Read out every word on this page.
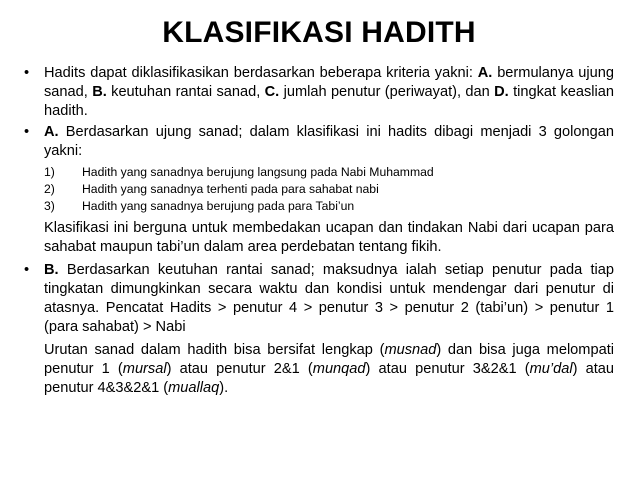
KLASIFIKASI HADITH
•	Hadits dapat diklasifikasikan berdasarkan beberapa kriteria yakni: A. bermulanya ujung sanad, B. keutuhan rantai sanad, C. jumlah penutur (periwayat), dan D. tingkat keaslian hadith.
•	A. Berdasarkan ujung sanad; dalam klasifikasi ini hadits dibagi menjadi 3 golongan yakni:
1)	Hadith yang sanadnya berujung langsung pada Nabi Muhammad
2)	Hadith yang sanadnya terhenti pada para sahabat nabi
3)	Hadith yang sanadnya berujung pada para Tabi’un
Klasifikasi ini berguna untuk membedakan ucapan dan tindakan Nabi dari ucapan para sahabat maupun tabi’un dalam area perdebatan tentang fikih.
•	B. Berdasarkan keutuhan rantai sanad; maksudnya ialah setiap penutur pada tiap tingkatan dimungkinkan secara waktu dan kondisi untuk mendengar dari penutur di atasnya. Pencatat Hadits > penutur 4 > penutur 3 > penutur 2 (tabi’un) > penutur 1 (para sahabat) > Nabi
Urutan sanad dalam hadith bisa bersifat lengkap (musnad) dan bisa juga melompati penutur 1 (mursal) atau penutur 2&1 (munqad) atau penutur 3&2&1 (mu’dal) atau penutur 4&3&2&1 (muallaq).
